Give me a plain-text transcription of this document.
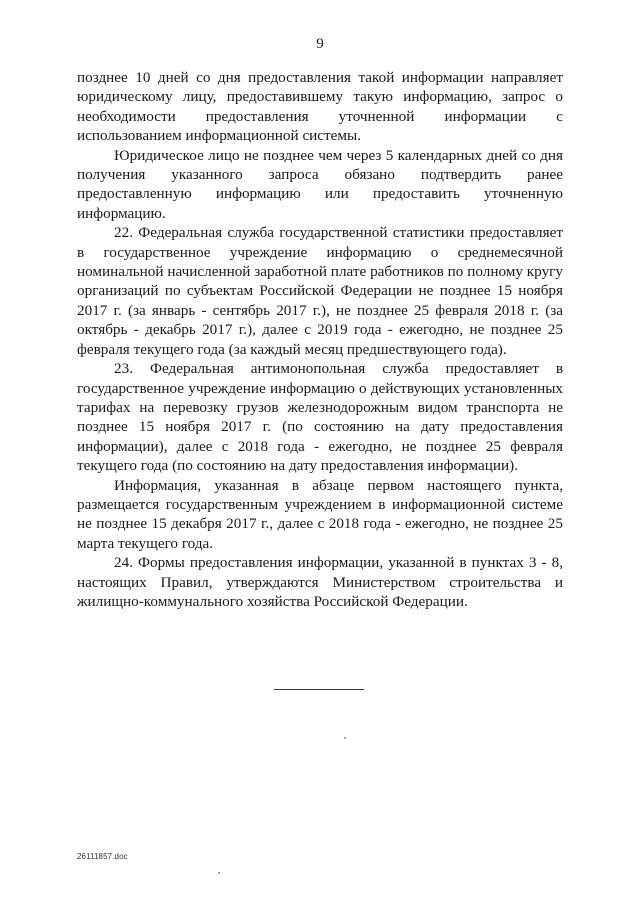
9

позднее 10 дней со дня предоставления такой информации направляет юридическому лицу, предоставившему такую информацию, запрос о необходимости предоставления уточненной информации с использованием информационной системы.

Юридическое лицо не позднее чем через 5 календарных дней со дня получения указанного запроса обязано подтвердить ранее предоставленную информацию или предоставить уточненную информацию.

22. Федеральная служба государственной статистики предоставляет в государственное учреждение информацию о среднемесячной номинальной начисленной заработной плате работников по полному кругу организаций по субъектам Российской Федерации не позднее 15 ноября 2017 г. (за январь - сентябрь 2017 г.), не позднее 25 февраля 2018 г. (за октябрь - декабрь 2017 г.), далее с 2019 года - ежегодно, не позднее 25 февраля текущего года (за каждый месяц предшествующего года).

23. Федеральная антимонопольная служба предоставляет в государственное учреждение информацию о действующих установленных тарифах на перевозку грузов железнодорожным видом транспорта не позднее 15 ноября 2017 г. (по состоянию на дату предоставления информации), далее с 2018 года - ежегодно, не позднее 25 февраля текущего года (по состоянию на дату предоставления информации).

Информация, указанная в абзаце первом настоящего пункта, размещается государственным учреждением в информационной системе не позднее 15 декабря 2017 г., далее с 2018 года - ежегодно, не позднее 25 марта текущего года.

24. Формы предоставления информации, указанной в пунктах 3 - 8, настоящих Правил, утверждаются Министерством строительства и жилищно-коммунального хозяйства Российской Федерации.

26111857.doc
